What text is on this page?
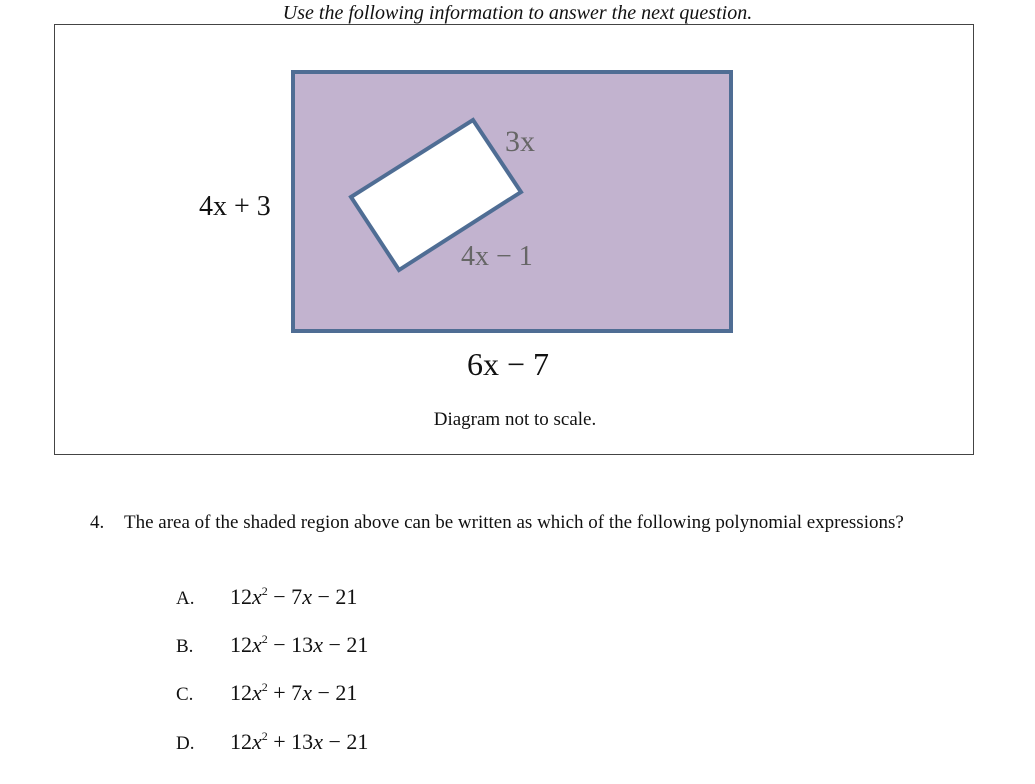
Use the following information to answer the next question.
4x + 3
6x − 7
3x
4x − 1
Diagram not to scale.
4. The area of the shaded region above can be written as which of the following polynomial expressions?
A. $12x^2 - 7x - 21$
B. $12x^2 - 13x - 21$
C. $12x^2 + 7x - 21$
D. $12x^2 + 13x - 21$
